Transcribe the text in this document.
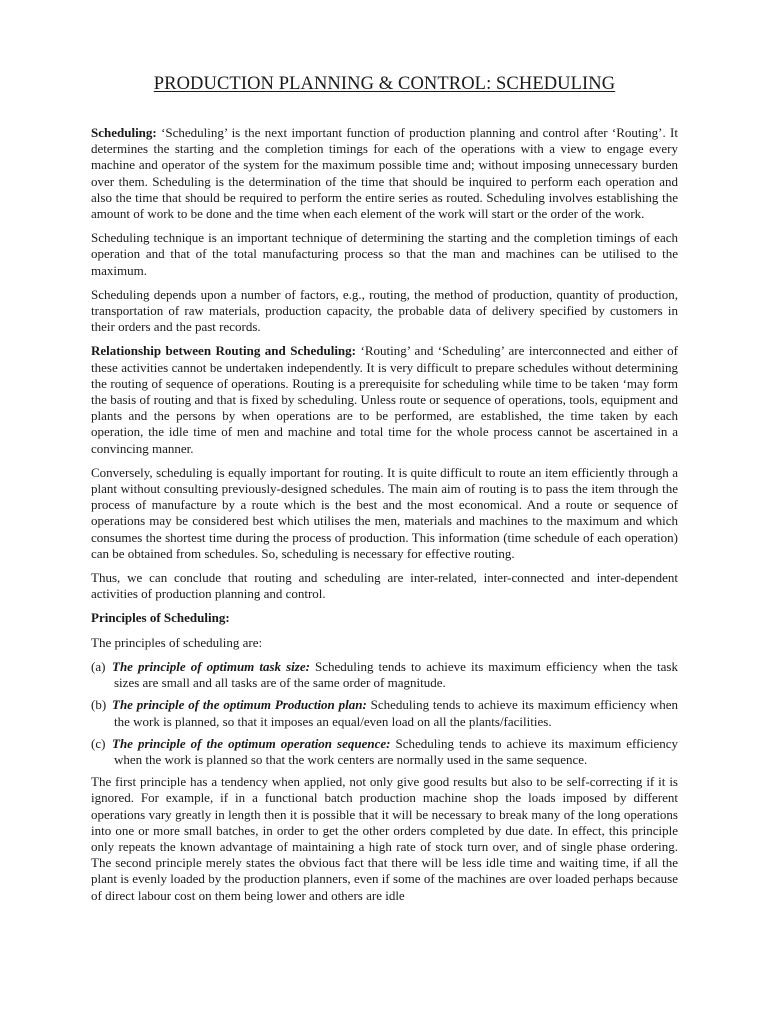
PRODUCTION PLANNING & CONTROL: SCHEDULING

Scheduling: ‘Scheduling’ is the next important function of production planning and control after ‘Routing’. It determines the starting and the completion timings for each of the operations with a view to engage every machine and operator of the system for the maximum possible time and; without imposing unnecessary burden over them. Scheduling is the determination of the time that should be inquired to perform each operation and also the time that should be required to perform the entire series as routed. Scheduling involves establishing the amount of work to be done and the time when each element of the work will start or the order of the work.

Scheduling technique is an important technique of determining the starting and the completion timings of each operation and that of the total manufacturing process so that the man and machines can be utilised to the maximum.

Scheduling depends upon a number of factors, e.g., routing, the method of production, quantity of production, transportation of raw materials, production capacity, the probable data of delivery specified by customers in their orders and the past records.

Relationship between Routing and Scheduling: ‘Routing’ and ‘Scheduling’ are interconnected and either of these activities cannot be undertaken independently. It is very difficult to prepare schedules without determining the routing of sequence of operations. Routing is a prerequisite for scheduling while time to be taken ‘may form the basis of routing and that is fixed by scheduling. Unless route or sequence of operations, tools, equipment and plants and the persons by when operations are to be performed, are established, the time taken by each operation, the idle time of men and machine and total time for the whole process cannot be ascertained in a convincing manner.

Conversely, scheduling is equally important for routing. It is quite difficult to route an item efficiently through a plant without consulting previously-designed schedules. The main aim of routing is to pass the item through the process of manufacture by a route which is the best and the most economical. And a route or sequence of operations may be considered best which utilises the men, materials and machines to the maximum and which consumes the shortest time during the process of production. This information (time schedule of each operation) can be obtained from schedules. So, scheduling is necessary for effective routing.

Thus, we can conclude that routing and scheduling are inter-related, inter-connected and inter-dependent activities of production planning and control.

Principles of Scheduling:

The principles of scheduling are:

(a) The principle of optimum task size: Scheduling tends to achieve its maximum efficiency when the task sizes are small and all tasks are of the same order of magnitude.

(b) The principle of the optimum Production plan: Scheduling tends to achieve its maximum efficiency when the work is planned, so that it imposes an equal/even load on all the plants/facilities.

(c) The principle of the optimum operation sequence: Scheduling tends to achieve its maximum efficiency when the work is planned so that the work centers are normally used in the same sequence.

The first principle has a tendency when applied, not only give good results but also to be self-correcting if it is ignored. For example, if in a functional batch production machine shop the loads imposed by different operations vary greatly in length then it is possible that it will be necessary to break many of the long operations into one or more small batches, in order to get the other orders completed by due date. In effect, this principle only repeats the known advantage of maintaining a high rate of stock turn over, and of single phase ordering. The second principle merely states the obvious fact that there will be less idle time and waiting time, if all the plant is evenly loaded by the production planners, even if some of the machines are over loaded perhaps because of direct labour cost on them being lower and others are idle
